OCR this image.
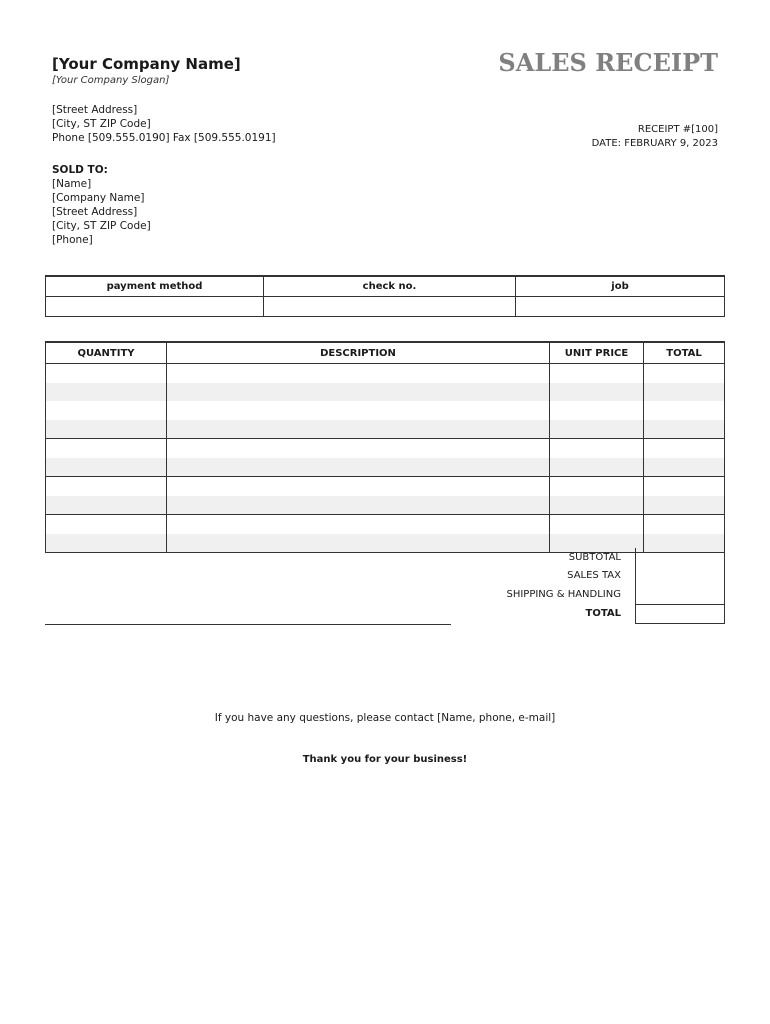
[Your Company Name]
[Your Company Slogan]
[Street Address]
[City, ST ZIP Code]
Phone [509.555.0190] Fax [509.555.0191]
SALES RECEIPT
RECEIPT #[100]
DATE: FEBRUARY 9, 2023
SOLD TO:
[Name]
[Company Name]
[Street Address]
[City, ST ZIP Code]
[Phone]
payment method	check no.	job

QUANTITY	DESCRIPTION	UNIT PRICE	TOTAL

SUBTOTAL	
SALES TAX	
SHIPPING & HANDLING	
TOTAL	
If you have any questions, please contact [Name, phone, e-mail]
Thank you for your business!
